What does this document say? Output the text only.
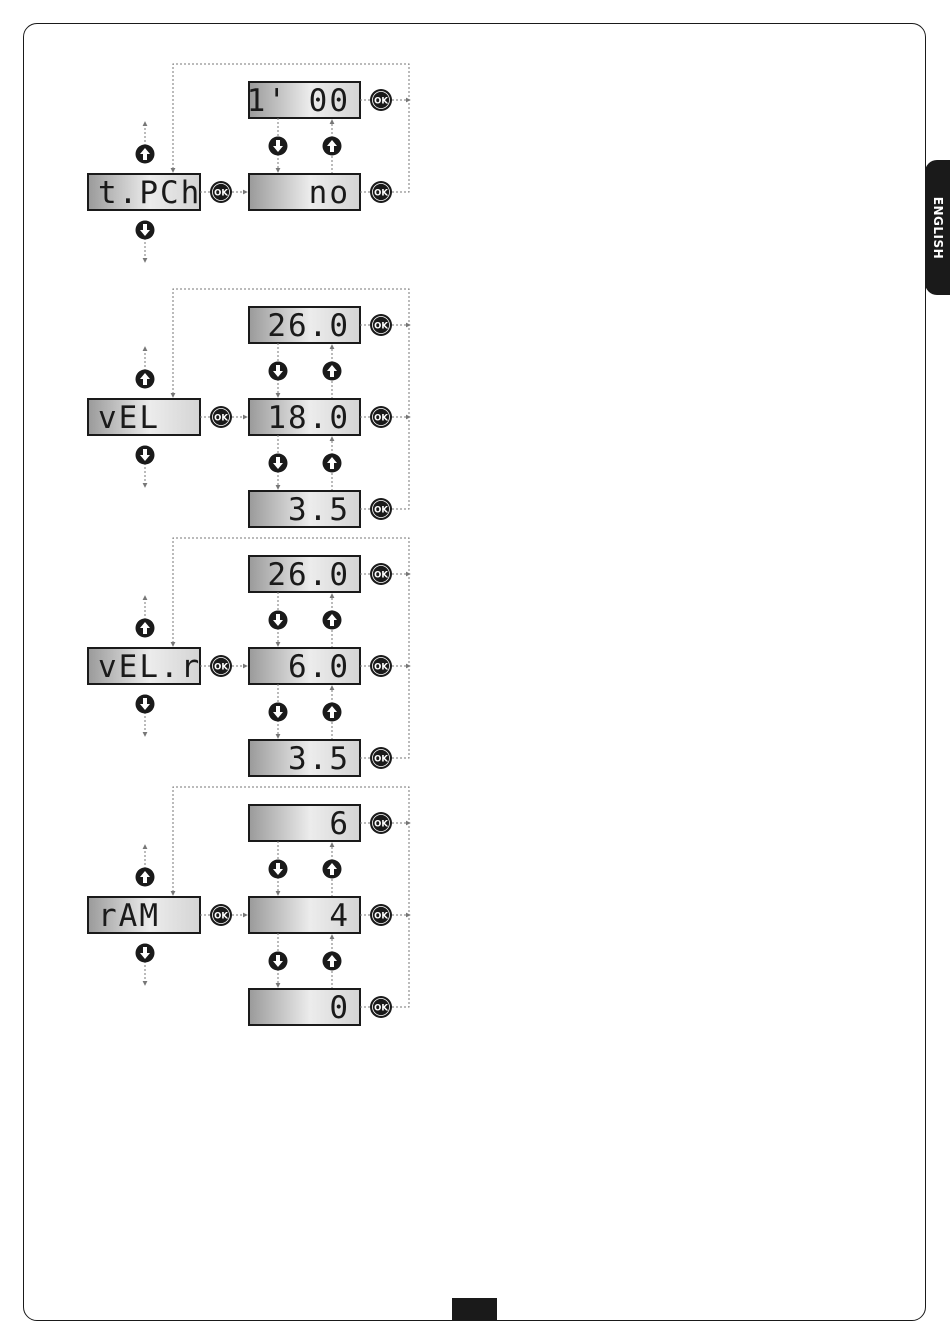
ENGLISH
t.PCh OK
1' 00	OK
no	OK
vEL	OK
26.0	OK
18.0	OK
3.5	OK
vEL.r OK
26.0	OK
6.0	OK
3.5	OK
rAM	OK
6	OK
4	OK
0	OK
